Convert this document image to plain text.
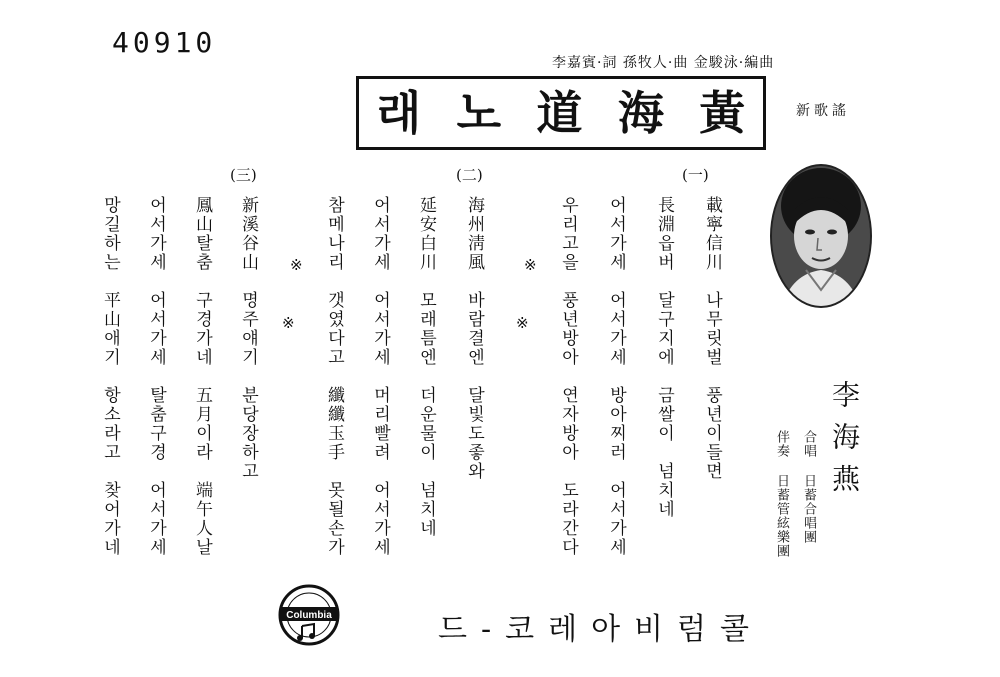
40910
李嘉賓·詞 孫牧人·曲 金駿泳·編曲
래 노 道 海 黃	新歌謠
(一)
(二)
(三)
載寧信川　나무릿벌　풍년이들면
長淵읍버　달구지에　금쌀이　넘치네
어서가세　어서가세　방아찌러　어서가세
우리고을　풍년방아　연자방아　도라간다
※
※
海州淸風　바람결엔　달빛도좋와
延安白川　모래틈엔　더운물이　넘치네
어서가세　어서가세　머리빨려　어서가세
참메나리　갯였다고　纖纖玉手　못될손가
※
※
新溪谷山　명주얘기　분당장하고
鳳山탈춤　구경가네　五月이라　端午人날
어서가세　어서가세　탈춤구경　어서가세
망길하는　平山애기　항소라고　찾어가네
李海燕
合唱 日蓄合唱團
伴奏 日蓄管絃樂團
Columbia	콜럼비아레코-드
